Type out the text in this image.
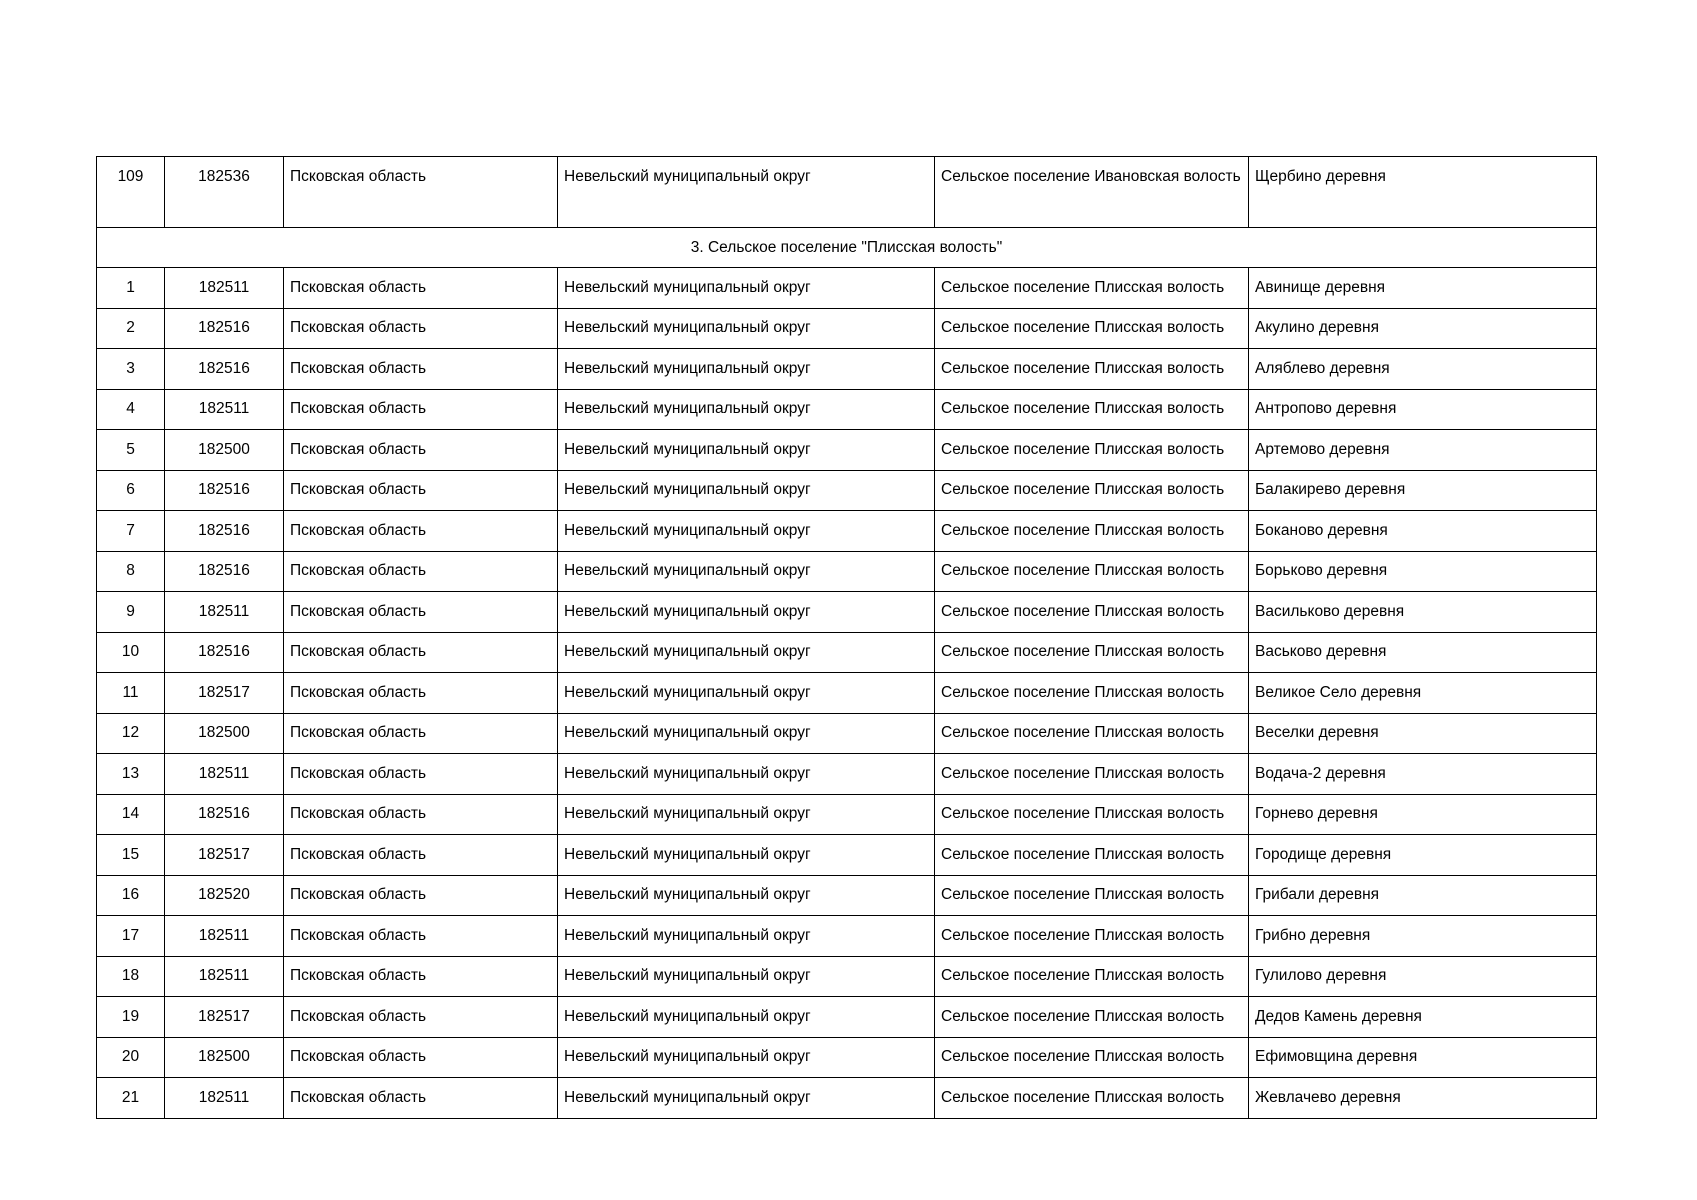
109	182536	Псковская область	Невельский муниципальный округ	Сельское поселение Ивановская волость	Щербино деревня
3. Сельское поселение "Плисская волость"					
1	182511	Псковская область	Невельский муниципальный округ	Сельское поселение Плисская волость	Авинище деревня
2	182516	Псковская область	Невельский муниципальный округ	Сельское поселение Плисская волость	Акулино деревня
3	182516	Псковская область	Невельский муниципальный округ	Сельское поселение Плисская волость	Аляблево деревня
4	182511	Псковская область	Невельский муниципальный округ	Сельское поселение Плисская волость	Антропово деревня
5	182500	Псковская область	Невельский муниципальный округ	Сельское поселение Плисская волость	Артемово деревня
6	182516	Псковская область	Невельский муниципальный округ	Сельское поселение Плисская волость	Балакирево деревня
7	182516	Псковская область	Невельский муниципальный округ	Сельское поселение Плисская волость	Боканово деревня
8	182516	Псковская область	Невельский муниципальный округ	Сельское поселение Плисская волость	Борьково деревня
9	182511	Псковская область	Невельский муниципальный округ	Сельское поселение Плисская волость	Васильково деревня
10	182516	Псковская область	Невельский муниципальный округ	Сельское поселение Плисская волость	Васьково деревня
11	182517	Псковская область	Невельский муниципальный округ	Сельское поселение Плисская волость	Великое Село деревня
12	182500	Псковская область	Невельский муниципальный округ	Сельское поселение Плисская волость	Веселки деревня
13	182511	Псковская область	Невельский муниципальный округ	Сельское поселение Плисская волость	Водача-2 деревня
14	182516	Псковская область	Невельский муниципальный округ	Сельское поселение Плисская волость	Горнево деревня
15	182517	Псковская область	Невельский муниципальный округ	Сельское поселение Плисская волость	Городище деревня
16	182520	Псковская область	Невельский муниципальный округ	Сельское поселение Плисская волость	Грибали деревня
17	182511	Псковская область	Невельский муниципальный округ	Сельское поселение Плисская волость	Грибно деревня
18	182511	Псковская область	Невельский муниципальный округ	Сельское поселение Плисская волость	Гулилово деревня
19	182517	Псковская область	Невельский муниципальный округ	Сельское поселение Плисская волость	Дедов Камень деревня
20	182500	Псковская область	Невельский муниципальный округ	Сельское поселение Плисская волость	Ефимовщина деревня
21	182511	Псковская область	Невельский муниципальный округ	Сельское поселение Плисская волость	Жевлачево деревня
